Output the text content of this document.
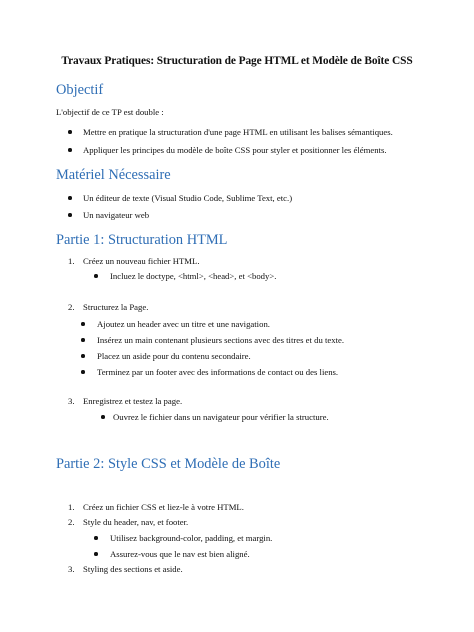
Travaux Pratiques: Structuration de Page HTML et Modèle de Boîte CSS
Objectif
L'objectif de ce TP est double :
Mettre en pratique la structuration d'une page HTML en utilisant les balises sémantiques.
Appliquer les principes du modèle de boîte CSS pour styler et positionner les éléments.
Matériel Nécessaire
Un éditeur de texte (Visual Studio Code, Sublime Text, etc.)
Un navigateur web
Partie 1: Structuration HTML
1. Créez un nouveau fichier HTML.
Incluez le doctype, <html>, <head>, et <body>.
2. Structurez la Page.
Ajoutez un header avec un titre et une navigation.
Insérez un main contenant plusieurs sections avec des titres et du texte.
Placez un aside pour du contenu secondaire.
Terminez par un footer avec des informations de contact ou des liens.
3. Enregistrez et testez la page.
Ouvrez le fichier dans un navigateur pour vérifier la structure.
Partie 2: Style CSS et Modèle de Boîte
1. Créez un fichier CSS et liez-le à votre HTML.
2. Style du header, nav, et footer.
Utilisez background-color, padding, et margin.
Assurez-vous que le nav est bien aligné.
3. Styling des sections et aside.
